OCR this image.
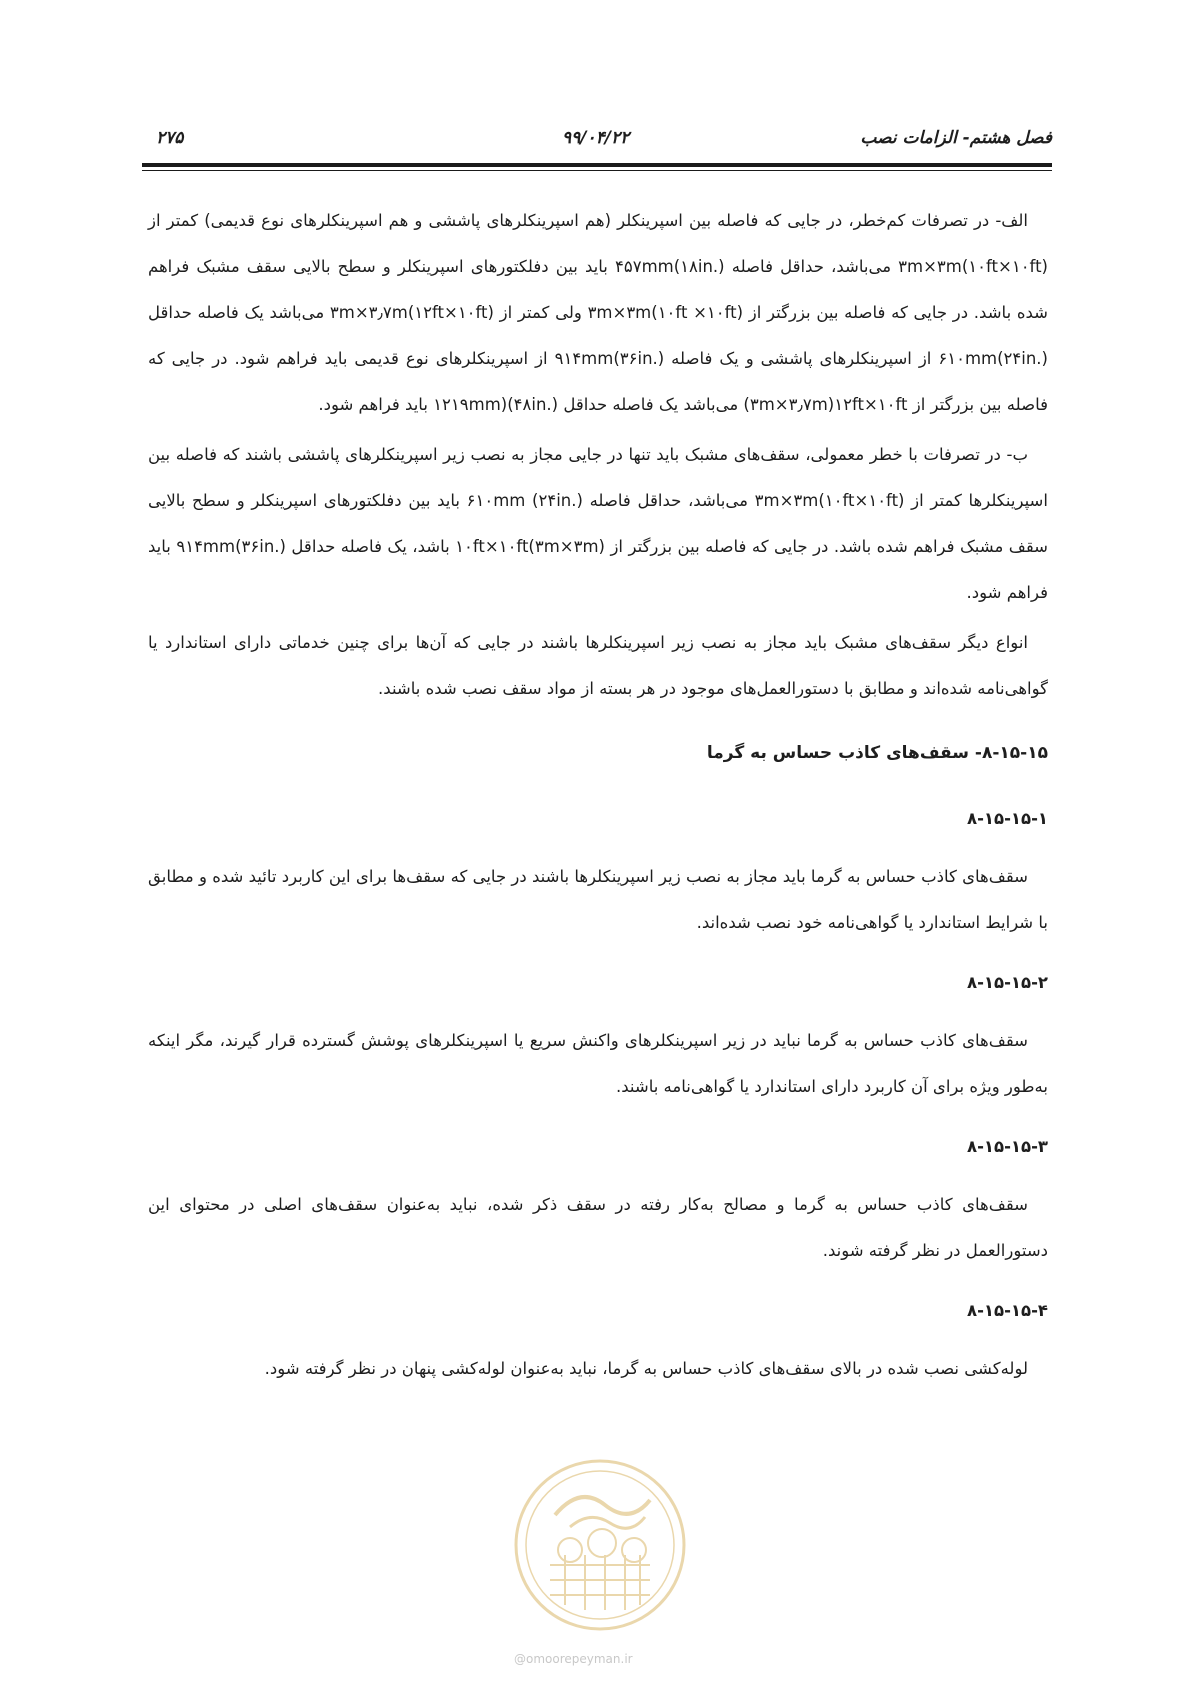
فصل هشتم- الزامات نصب
۹۹/۰۴/۲۲
۲۷۵

الف- در تصرفات کم‌خطر، در جایی که فاصله بین اسپرینکلر (هم اسپرینکلرهای پاششی و هم اسپرینکلرهای نوع قدیمی) کمتر از ۳m×۳m(۱۰ft×۱۰ft) می‌باشد، حداقل فاصله ۴۵۷mm(۱۸in.) باید بین دفلکتورهای اسپرینکلر و سطح بالایی سقف مشبک فراهم شده باشد. در جایی که فاصله بین بزرگتر از ۳m×۳m(۱۰ft ×۱۰ft) ولی کمتر از ۳m×۳٫۷m(۱۲ft×۱۰ft) می‌باشد یک فاصله حداقل ۶۱۰mm(۲۴in.) از اسپرینکلرهای پاششی و یک فاصله ۹۱۴mm(۳۶in.) از اسپرینکلرهای نوع قدیمی باید فراهم شود. در جایی که فاصله بین بزرگتر از ۱۲ft×۱۰ft(۳m×۳٫۷m) می‌باشد یک فاصله حداقل ۱۲۱۹mm)(۴۸in.) باید فراهم شود.

ب- در تصرفات با خطر معمولی، سقف‌های مشبک باید تنها در جایی مجاز به نصب زیر اسپرینکلرهای پاششی باشند که فاصله بین اسپرینکلرها کمتر از ۳m×۳m(۱۰ft×۱۰ft) می‌باشد، حداقل فاصله ۶۱۰mm (۲۴in.) باید بین دفلکتورهای اسپرینکلر و سطح بالایی سقف مشبک فراهم شده باشد. در جایی که فاصله بین بزرگتر از ۱۰ft×۱۰ft(۳m×۳m) باشد، یک فاصله حداقل ۹۱۴mm(۳۶in.) باید فراهم شود.

انواع دیگر سقف‌های مشبک باید مجاز به نصب زیر اسپرینکلرها باشند در جایی که آن‌ها برای چنین خدماتی دارای استاندارد یا گواهی‌نامه شده‌اند و مطابق با دستورالعمل‌های موجود در هر بسته از مواد سقف نصب شده باشند.

۸-۱۵-۱۵- سقف‌های کاذب حساس به گرما
۸-۱۵-۱۵-۱

سقف‌های کاذب حساس به گرما باید مجاز به نصب زیر اسپرینکلرها باشند در جایی که سقف‌ها برای این کاربرد تائید شده و مطابق با شرایط استاندارد یا گواهی‌نامه خود نصب شده‌اند.

۸-۱۵-۱۵-۲

سقف‌های کاذب حساس به گرما نباید در زیر اسپرینکلرهای واکنش سریع یا اسپرینکلرهای پوشش گسترده قرار گیرند، مگر اینکه به‌طور ویژه برای آن کاربرد دارای استاندارد یا گواهی‌نامه باشند.

۸-۱۵-۱۵-۳

سقف‌های کاذب حساس به گرما و مصالح به‌کار رفته در سقف ذکر شده، نباید به‌عنوان سقف‌های اصلی در محتوای این دستورالعمل در نظر گرفته شوند.

۸-۱۵-۱۵-۴

لوله‌کشی نصب شده در بالای سقف‌های کاذب حساس به گرما، نباید به‌عنوان لوله‌کشی پنهان در نظر گرفته شود.

@omoorepeyman.ir
